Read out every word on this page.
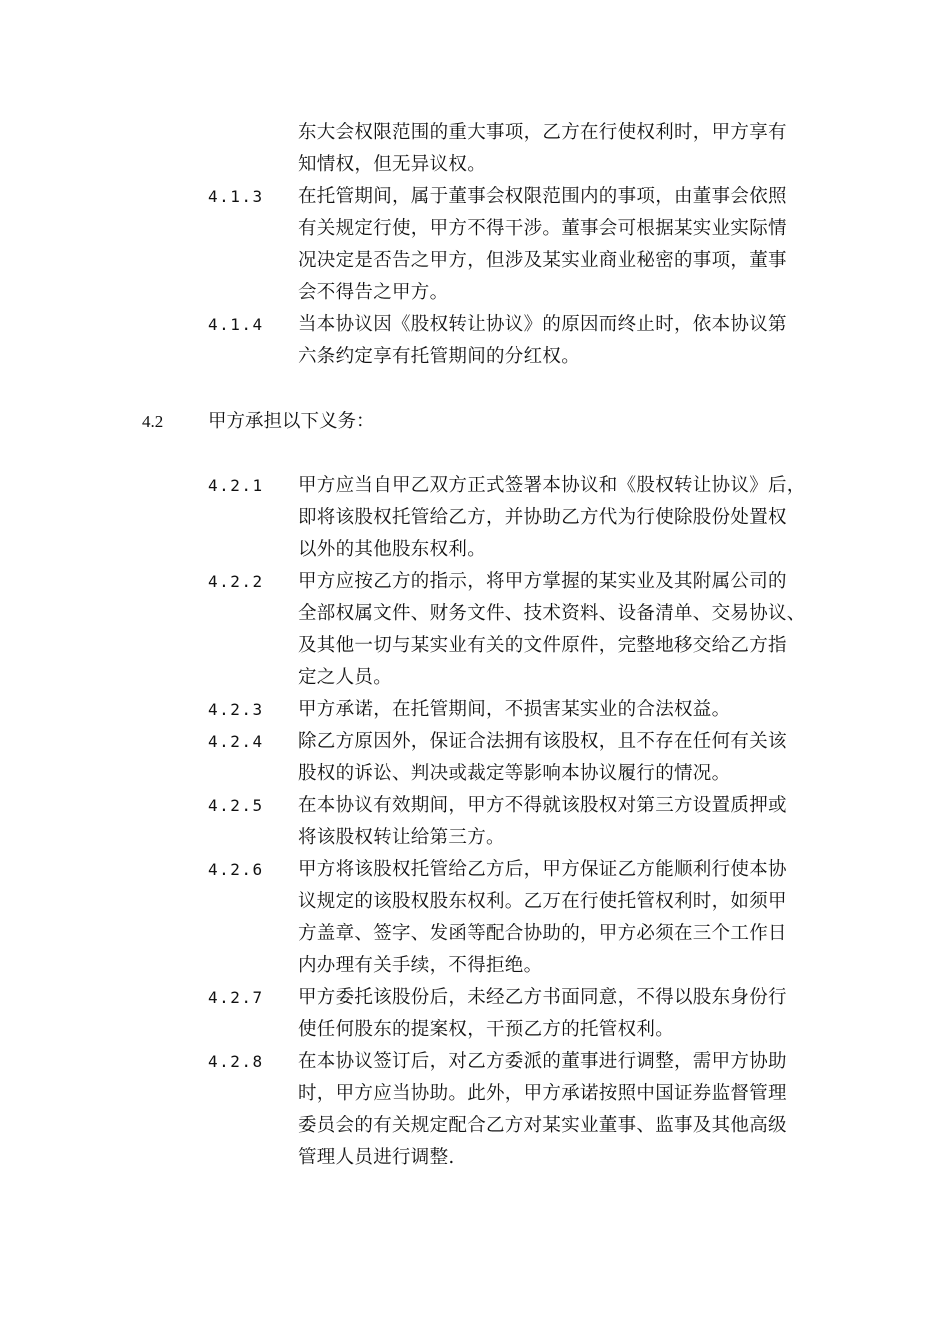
东大会权限范围的重大事项，乙方在行使权利时，甲方享有
知情权，但无异议权。
4.1.3 在托管期间，属于董事会权限范围内的事项，由董事会依照
有关规定行使，甲方不得干涉。董事会可根据某实业实际情
况决定是否告之甲方，但涉及某实业商业秘密的事项，董事
会不得告之甲方。
4.1.4 当本协议因《股权转让协议》的原因而终止时，依本协议第
六条约定享有托管期间的分红权。
4.2 甲方承担以下义务：
4.2.1 甲方应当自甲乙双方正式签署本协议和《股权转让协议》后，
即将该股权托管给乙方，并协助乙方代为行使除股份处置权
以外的其他股东权利。
4.2.2 甲方应按乙方的指示，将甲方掌握的某实业及其附属公司的
全部权属文件、财务文件、技术资料、设备清单、交易协议、
及其他一切与某实业有关的文件原件，完整地移交给乙方指
定之人员。
4.2.3 甲方承诺，在托管期间，不损害某实业的合法权益。
4.2.4 除乙方原因外，保证合法拥有该股权，且不存在任何有关该
股权的诉讼、判决或裁定等影响本协议履行的情况。
4.2.5 在本协议有效期间，甲方不得就该股权对第三方设置质押或
将该股权转让给第三方。
4.2.6 甲方将该股权托管给乙方后，甲方保证乙方能顺利行使本协
议规定的该股权股东权利。乙万在行使托管权利时，如须甲
方盖章、签字、发函等配合协助的，甲方必须在三个工作日
内办理有关手续，不得拒绝。
4.2.7 甲方委托该股份后，未经乙方书面同意，不得以股东身份行
使任何股东的提案权，干预乙方的托管权利。
4.2.8 在本协议签订后，对乙方委派的董事进行调整，需甲方协助
时，甲方应当协助。此外，甲方承诺按照中国证券监督管理
委员会的有关规定配合乙方对某实业董事、监事及其他高级
管理人员进行调整.
